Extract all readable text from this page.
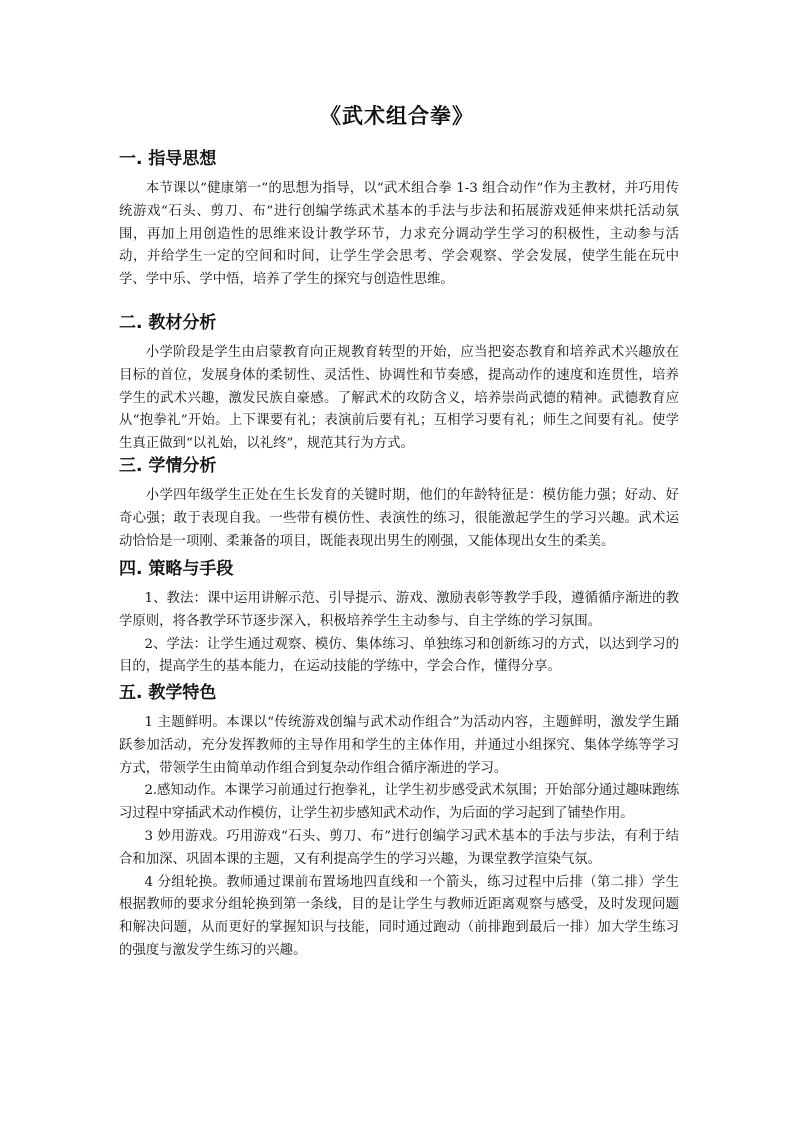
《武术组合拳》
一. 指导思想

本节课以“健康第一”的思想为指导，以“武术组合拳 1-3 组合动作”作为主教材，并巧用传统游戏“石头、剪刀、布”进行创编学练武术基本的手法与步法和拓展游戏延伸来烘托活动氛围，再加上用创造性的思维来设计教学环节，力求充分调动学生学习的积极性，主动参与活动，并给学生一定的空间和时间，让学生学会思考、学会观察、学会发展，使学生能在玩中学、学中乐、学中悟，培养了学生的探究与创造性思维。

二. 教材分析

小学阶段是学生由启蒙教育向正规教育转型的开始，应当把姿态教育和培养武术兴趣放在目标的首位，发展身体的柔韧性、灵活性、协调性和节奏感，提高动作的速度和连贯性，培养学生的武术兴趣，激发民族自豪感。了解武术的攻防含义，培养崇尚武德的精神。武德教育应从“抱拳礼”开始。上下课要有礼；表演前后要有礼；互相学习要有礼；师生之间要有礼。使学生真正做到“以礼始，以礼终”，规范其行为方式。

三. 学情分析

小学四年级学生正处在生长发育的关键时期，他们的年龄特征是：模仿能力强；好动、好奇心强；敢于表现自我。一些带有模仿性、表演性的练习，很能激起学生的学习兴趣。武术运动恰恰是一项刚、柔兼备的项目，既能表现出男生的刚强，又能体现出女生的柔美。

四. 策略与手段

1、教法：课中运用讲解示范、引导提示、游戏、激励表彰等教学手段，遵循循序渐进的教学原则，将各教学环节逐步深入，积极培养学生主动参与、自主学练的学习氛围。

2、学法：让学生通过观察、模仿、集体练习、单独练习和创新练习的方式，以达到学习的目的，提高学生的基本能力，在运动技能的学练中，学会合作，懂得分享。

五. 教学特色

1 主题鲜明。本课以“传统游戏创编与武术动作组合”为活动内容，主题鲜明，激发学生踊跃参加活动，充分发挥教师的主导作用和学生的主体作用，并通过小组探究、集体学练等学习方式，带领学生由简单动作组合到复杂动作组合循序渐进的学习。

2.感知动作。本课学习前通过行抱拳礼，让学生初步感受武术氛围；开始部分通过趣味跑练习过程中穿插武术动作模仿，让学生初步感知武术动作，为后面的学习起到了铺垫作用。

3 妙用游戏。巧用游戏“石头、剪刀、布”进行创编学习武术基本的手法与步法，有利于结合和加深、巩固本课的主题，又有利提高学生的学习兴趣，为课堂教学渲染气氛。

4 分组轮换。教师通过课前布置场地四直线和一个箭头，练习过程中后排（第二排）学生根据教师的要求分组轮换到第一条线，目的是让学生与教师近距离观察与感受，及时发现问题和解决问题，从而更好的掌握知识与技能，同时通过跑动（前排跑到最后一排）加大学生练习的强度与激发学生练习的兴趣。
